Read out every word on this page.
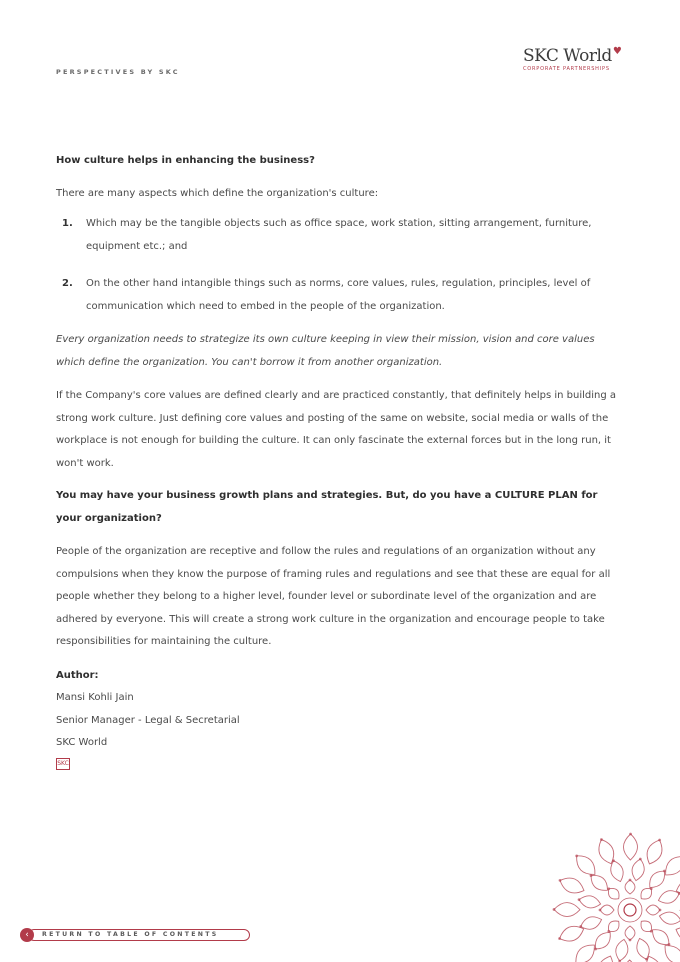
PERSPECTIVES BY SKC
SKC World♥
CORPORATE PARTNERSHIPS

How culture helps in enhancing the business?

There are many aspects which define the organization's culture:

1. Which may be the tangible objects such as office space, work station, sitting arrangement, furniture, equipment etc.; and
2. On the other hand intangible things such as norms, core values, rules, regulation, principles, level of communication which need to embed in the people of the organization.

Every organization needs to strategize its own culture keeping in view their mission, vision and core values which define the organization. You can't borrow it from another organization.

If the Company's core values are defined clearly and are practiced constantly, that definitely helps in building a strong work culture. Just defining core values and posting of the same on website, social media or walls of the workplace is not enough for building the culture. It can only fascinate the external forces but in the long run, it won't work.

You may have your business growth plans and strategies. But, do you have a CULTURE PLAN for your organization?

People of the organization are receptive and follow the rules and regulations of an organization without any compulsions when they know the purpose of framing rules and regulations and see that these are equal for all people whether they belong to a higher level, founder level or subordinate level of the organization and are adhered by everyone. This will create a strong work culture in the organization and encourage people to take responsibilities for maintaining the culture.

Author:
Mansi Kohli Jain
Senior Manager - Legal & Secretarial
SKC World
SKC
‹	RETURN TO TABLE OF CONTENTS
